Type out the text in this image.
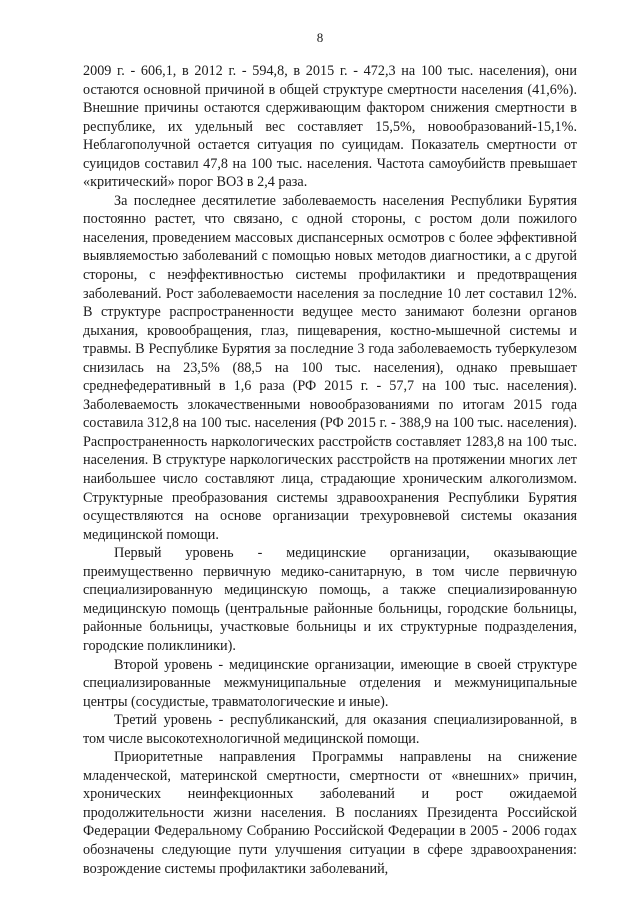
8

2009 г. - 606,1, в 2012 г. - 594,8, в 2015 г. - 472,3 на 100 тыс. населения), они остаются основной причиной в общей структуре смертности населения (41,6%). Внешние причины остаются сдерживающим фактором снижения смертности в республике, их удельный вес составляет 15,5%, новообразований-15,1%. Неблагополучной остается ситуация по суицидам. Показатель смертности от суицидов составил 47,8 на 100 тыс. населения. Частота самоубийств превышает «критический» порог ВОЗ в 2,4 раза.

За последнее десятилетие заболеваемость населения Республики Бурятия постоянно растет, что связано, с одной стороны, с ростом доли пожилого населения, проведением массовых диспансерных осмотров с более эффективной выявляемостью заболеваний с помощью новых методов диагностики, а с другой стороны, с неэффективностью системы профилактики и предотвращения заболеваний. Рост заболеваемости населения за последние 10 лет составил 12%. В структуре распространенности ведущее место занимают болезни органов дыхания, кровообращения, глаз, пищеварения, костно-мышечной системы и травмы. В Республике Бурятия за последние 3 года заболеваемость туберкулезом снизилась на 23,5% (88,5 на 100 тыс. населения), однако превышает среднефедеративный в 1,6 раза (РФ 2015 г. - 57,7 на 100 тыс. населения). Заболеваемость злокачественными новообразованиями по итогам 2015 года составила 312,8 на 100 тыс. населения (РФ 2015 г. - 388,9 на 100 тыс. населения). Распространенность наркологических расстройств составляет 1283,8 на 100 тыс. населения. В структуре наркологических расстройств на протяжении многих лет наибольшее число составляют лица, страдающие хроническим алкоголизмом. Структурные преобразования системы здравоохранения Республики Бурятия осуществляются на основе организации трехуровневой системы оказания медицинской помощи.

Первый уровень - медицинские организации, оказывающие преимущественно первичную медико-санитарную, в том числе первичную специализированную медицинскую помощь, а также специализированную медицинскую помощь (центральные районные больницы, городские больницы, районные больницы, участковые больницы и их структурные подразделения, городские поликлиники).

Второй уровень - медицинские организации, имеющие в своей структуре специализированные межмуниципальные отделения и межмуниципальные центры (сосудистые, травматологические и иные).

Третий уровень - республиканский, для оказания специализированной, в том числе высокотехнологичной медицинской помощи.

Приоритетные направления Программы направлены на снижение младенческой, материнской смертности, смертности от «внешних» причин, хронических неинфекционных заболеваний и рост ожидаемой продолжительности жизни населения. В посланиях Президента Российской Федерации Федеральному Собранию Российской Федерации в 2005 - 2006 годах обозначены следующие пути улучшения ситуации в сфере здравоохранения: возрождение системы профилактики заболеваний,
